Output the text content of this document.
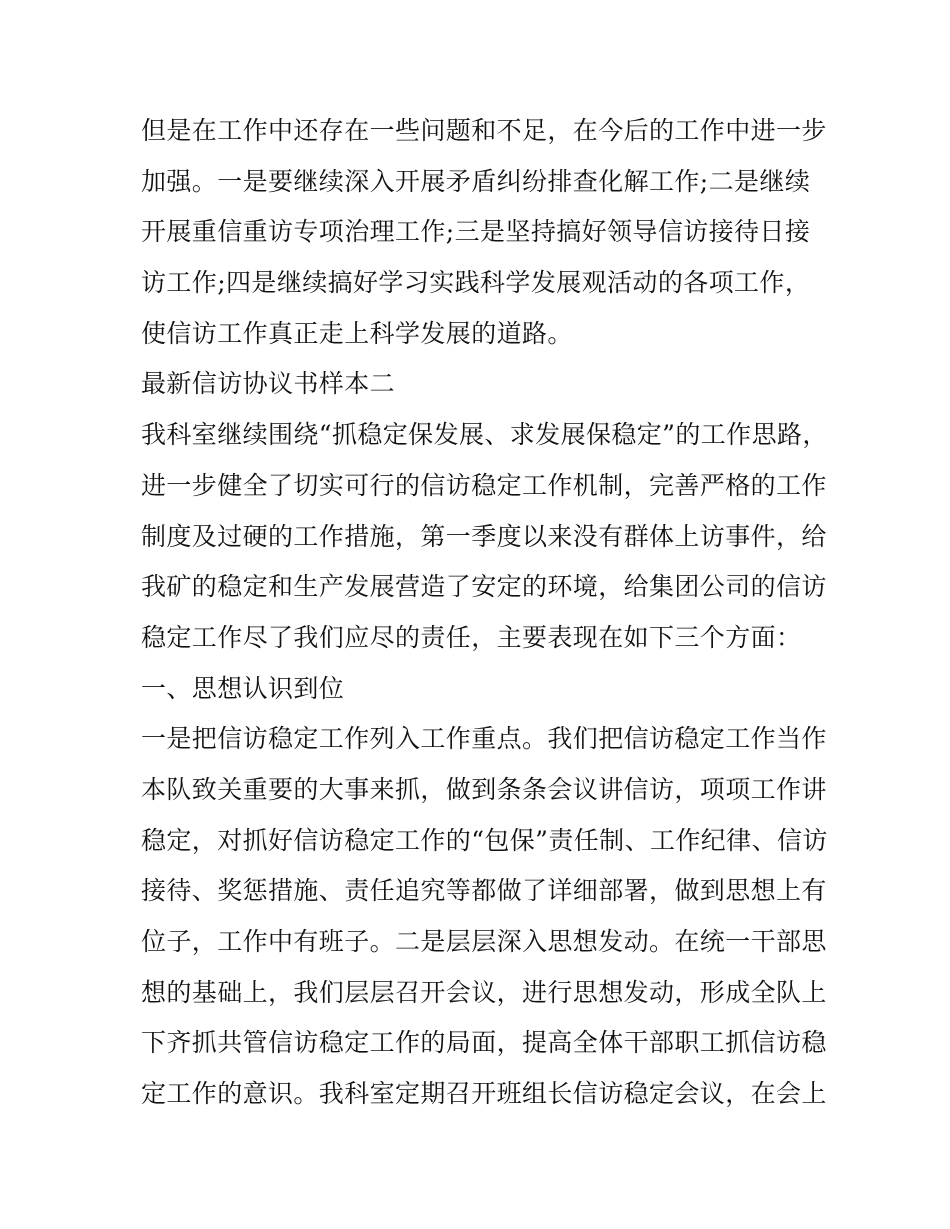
但是在工作中还存在一些问题和不足，在今后的工作中进一步
加强。一是要继续深入开展矛盾纠纷排查化解工作;二是继续
开展重信重访专项治理工作;三是坚持搞好领导信访接待日接
访工作;四是继续搞好学习实践科学发展观活动的各项工作，
使信访工作真正走上科学发展的道路。
最新信访协议书样本二
我科室继续围绕“抓稳定保发展、求发展保稳定”的工作思路，
进一步健全了切实可行的信访稳定工作机制，完善严格的工作
制度及过硬的工作措施，第一季度以来没有群体上访事件，给
我矿的稳定和生产发展营造了安定的环境，给集团公司的信访
稳定工作尽了我们应尽的责任，主要表现在如下三个方面：
一、思想认识到位
一是把信访稳定工作列入工作重点。我们把信访稳定工作当作
本队致关重要的大事来抓，做到条条会议讲信访，项项工作讲
稳定，对抓好信访稳定工作的“包保”责任制、工作纪律、信访
接待、奖惩措施、责任追究等都做了详细部署，做到思想上有
位子，工作中有班子。二是层层深入思想发动。在统一干部思
想的基础上，我们层层召开会议，进行思想发动，形成全队上
下齐抓共管信访稳定工作的局面，提高全体干部职工抓信访稳
定工作的意识。我科室定期召开班组长信访稳定会议，在会上
